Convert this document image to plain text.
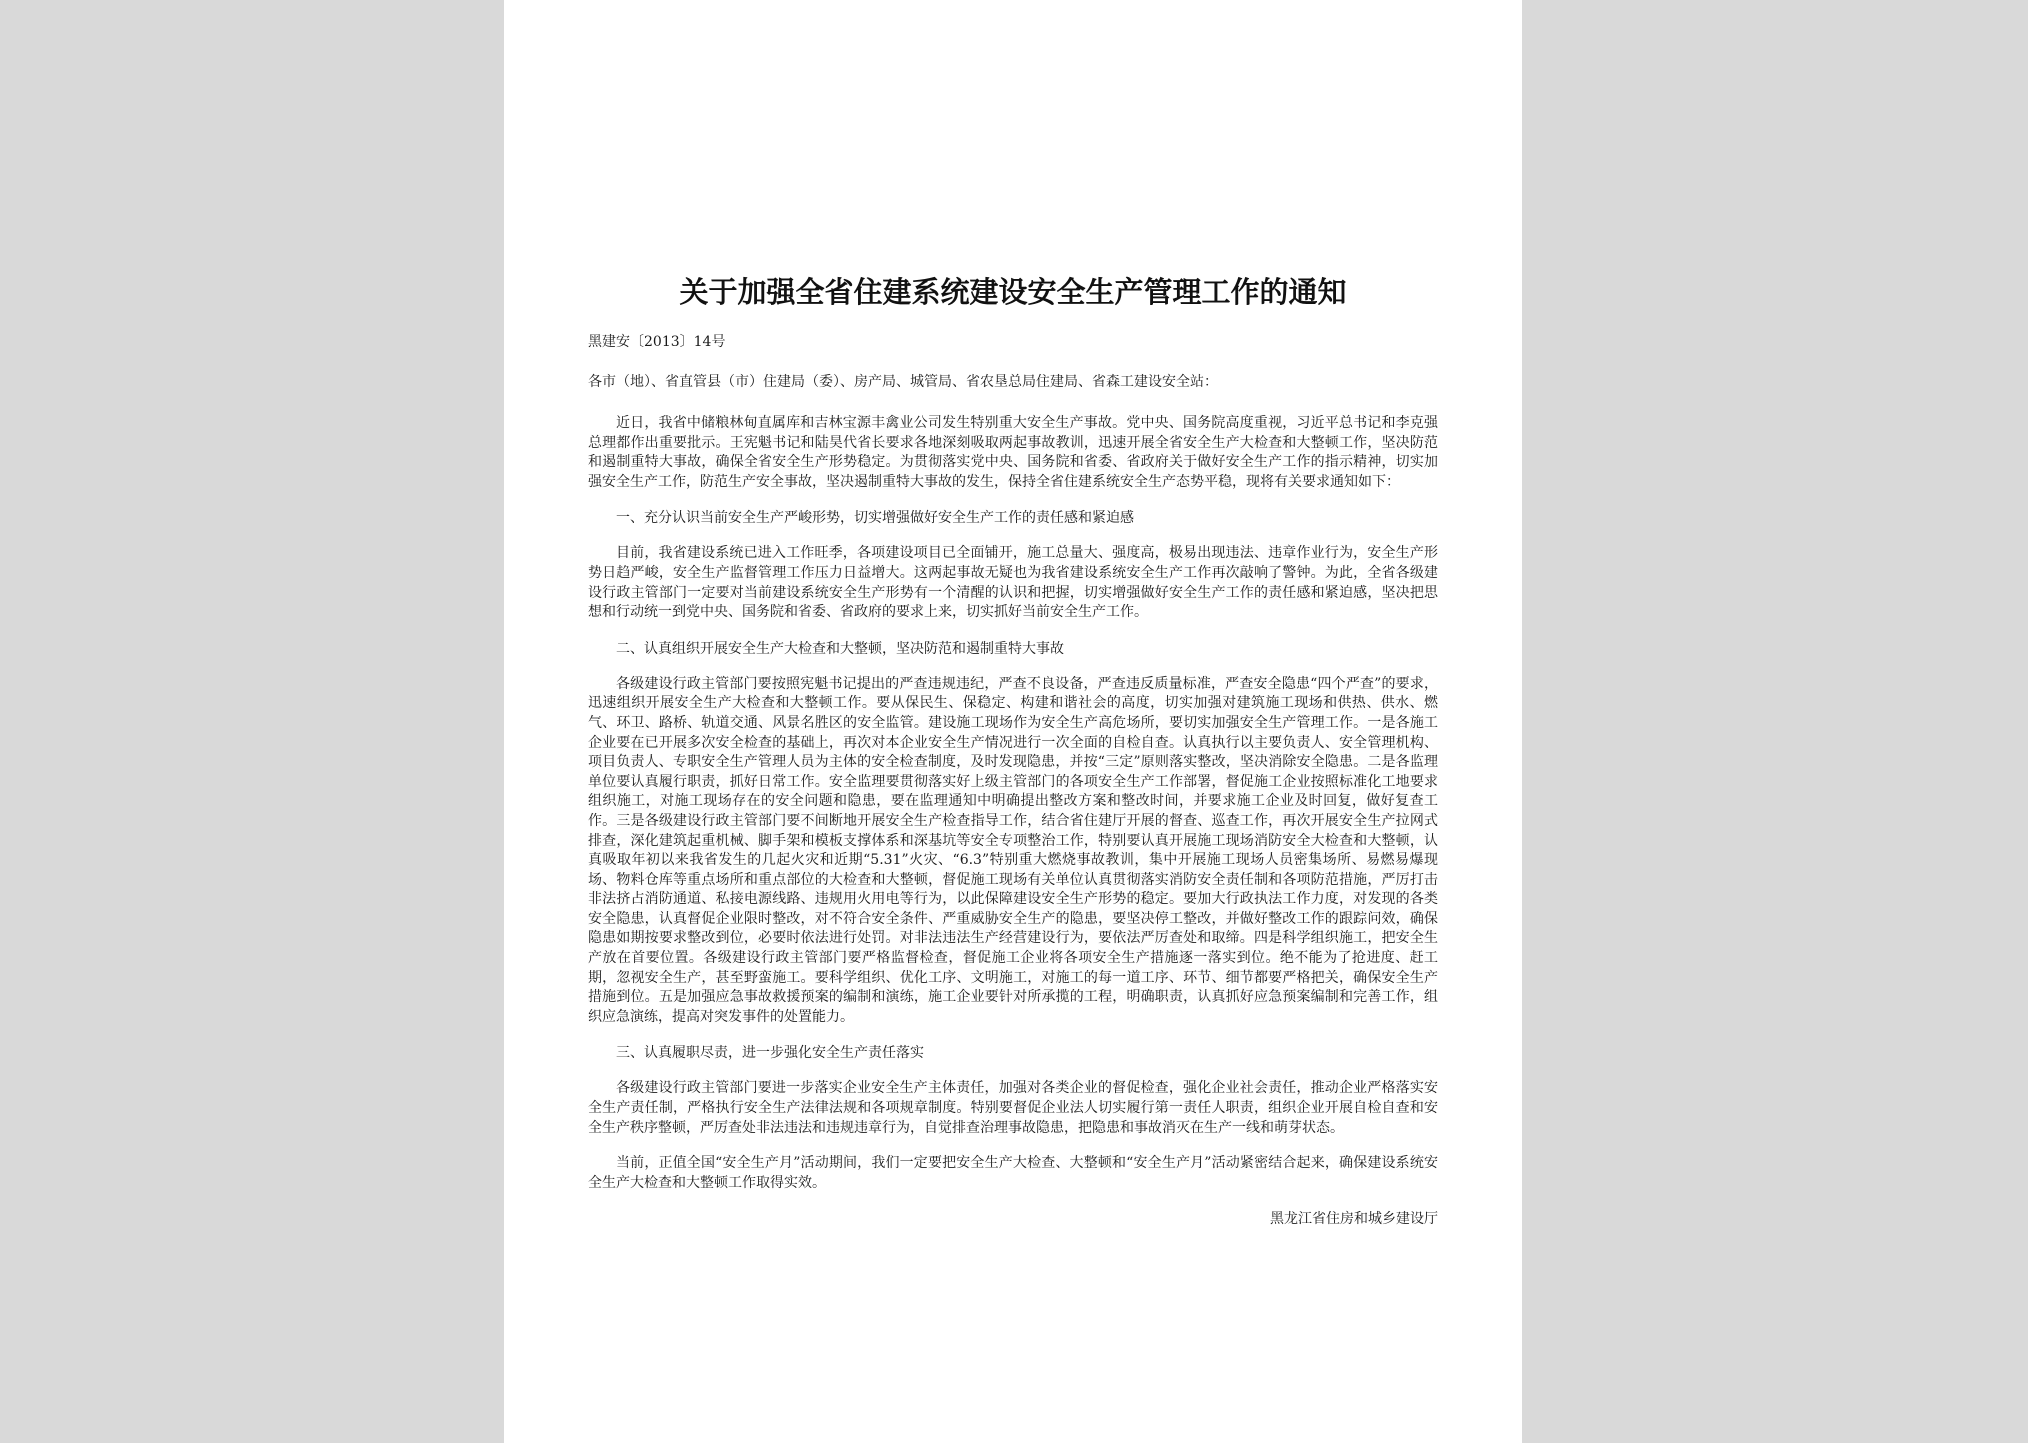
关于加强全省住建系统建设安全生产管理工作的通知
黑建安〔2013〕14号
各市（地）、省直管县（市）住建局（委）、房产局、城管局、省农垦总局住建局、省森工建设安全站：

近日，我省中储粮林甸直属库和吉林宝源丰禽业公司发生特别重大安全生产事故。党中央、国务院高度重视，习近平总书记和李克强总理都作出重要批示。王宪魁书记和陆昊代省长要求各地深刻吸取两起事故教训，迅速开展全省安全生产大检查和大整顿工作，坚决防范和遏制重特大事故，确保全省安全生产形势稳定。为贯彻落实党中央、国务院和省委、省政府关于做好安全生产工作的指示精神，切实加强安全生产工作，防范生产安全事故，坚决遏制重特大事故的发生，保持全省住建系统安全生产态势平稳，现将有关要求通知如下：

一、充分认识当前安全生产严峻形势，切实增强做好安全生产工作的责任感和紧迫感

目前，我省建设系统已进入工作旺季，各项建设项目已全面铺开，施工总量大、强度高，极易出现违法、违章作业行为，安全生产形势日趋严峻，安全生产监督管理工作压力日益增大。这两起事故无疑也为我省建设系统安全生产工作再次敲响了警钟。为此，全省各级建设行政主管部门一定要对当前建设系统安全生产形势有一个清醒的认识和把握，切实增强做好安全生产工作的责任感和紧迫感，坚决把思想和行动统一到党中央、国务院和省委、省政府的要求上来，切实抓好当前安全生产工作。

二、认真组织开展安全生产大检查和大整顿，坚决防范和遏制重特大事故

各级建设行政主管部门要按照宪魁书记提出的严查违规违纪，严查不良设备，严查违反质量标准，严查安全隐患“四个严查”的要求，迅速组织开展安全生产大检查和大整顿工作。要从保民生、保稳定、构建和谐社会的高度，切实加强对建筑施工现场和供热、供水、燃气、环卫、路桥、轨道交通、风景名胜区的安全监管。建设施工现场作为安全生产高危场所，要切实加强安全生产管理工作。一是各施工企业要在已开展多次安全检查的基础上，再次对本企业安全生产情况进行一次全面的自检自查。认真执行以主要负责人、安全管理机构、项目负责人、专职安全生产管理人员为主体的安全检查制度，及时发现隐患，并按“三定”原则落实整改，坚决消除安全隐患。二是各监理单位要认真履行职责，抓好日常工作。安全监理要贯彻落实好上级主管部门的各项安全生产工作部署，督促施工企业按照标准化工地要求组织施工，对施工现场存在的安全问题和隐患，要在监理通知中明确提出整改方案和整改时间，并要求施工企业及时回复，做好复查工作。三是各级建设行政主管部门要不间断地开展安全生产检查指导工作，结合省住建厅开展的督查、巡查工作，再次开展安全生产拉网式排查，深化建筑起重机械、脚手架和模板支撑体系和深基坑等安全专项整治工作，特别要认真开展施工现场消防安全大检查和大整顿，认真吸取年初以来我省发生的几起火灾和近期“5.31”火灾、“6.3”特别重大燃烧事故教训，集中开展施工现场人员密集场所、易燃易爆现场、物料仓库等重点场所和重点部位的大检查和大整顿，督促施工现场有关单位认真贯彻落实消防安全责任制和各项防范措施，严厉打击非法挤占消防通道、私接电源线路、违规用火用电等行为，以此保障建设安全生产形势的稳定。要加大行政执法工作力度，对发现的各类安全隐患，认真督促企业限时整改，对不符合安全条件、严重威胁安全生产的隐患，要坚决停工整改，并做好整改工作的跟踪问效，确保隐患如期按要求整改到位，必要时依法进行处罚。对非法违法生产经营建设行为，要依法严厉查处和取缔。四是科学组织施工，把安全生产放在首要位置。各级建设行政主管部门要严格监督检查，督促施工企业将各项安全生产措施逐一落实到位。绝不能为了抢进度、赶工期，忽视安全生产，甚至野蛮施工。要科学组织、优化工序、文明施工，对施工的每一道工序、环节、细节都要严格把关，确保安全生产措施到位。五是加强应急事故救援预案的编制和演练，施工企业要针对所承揽的工程，明确职责，认真抓好应急预案编制和完善工作，组织应急演练，提高对突发事件的处置能力。

三、认真履职尽责，进一步强化安全生产责任落实

各级建设行政主管部门要进一步落实企业安全生产主体责任，加强对各类企业的督促检查，强化企业社会责任，推动企业严格落实安全生产责任制，严格执行安全生产法律法规和各项规章制度。特别要督促企业法人切实履行第一责任人职责，组织企业开展自检自查和安全生产秩序整顿，严厉查处非法违法和违规违章行为，自觉排查治理事故隐患，把隐患和事故消灭在生产一线和萌芽状态。

当前，正值全国“安全生产月”活动期间，我们一定要把安全生产大检查、大整顿和“安全生产月”活动紧密结合起来，确保建设系统安全生产大检查和大整顿工作取得实效。

黑龙江省住房和城乡建设厅
